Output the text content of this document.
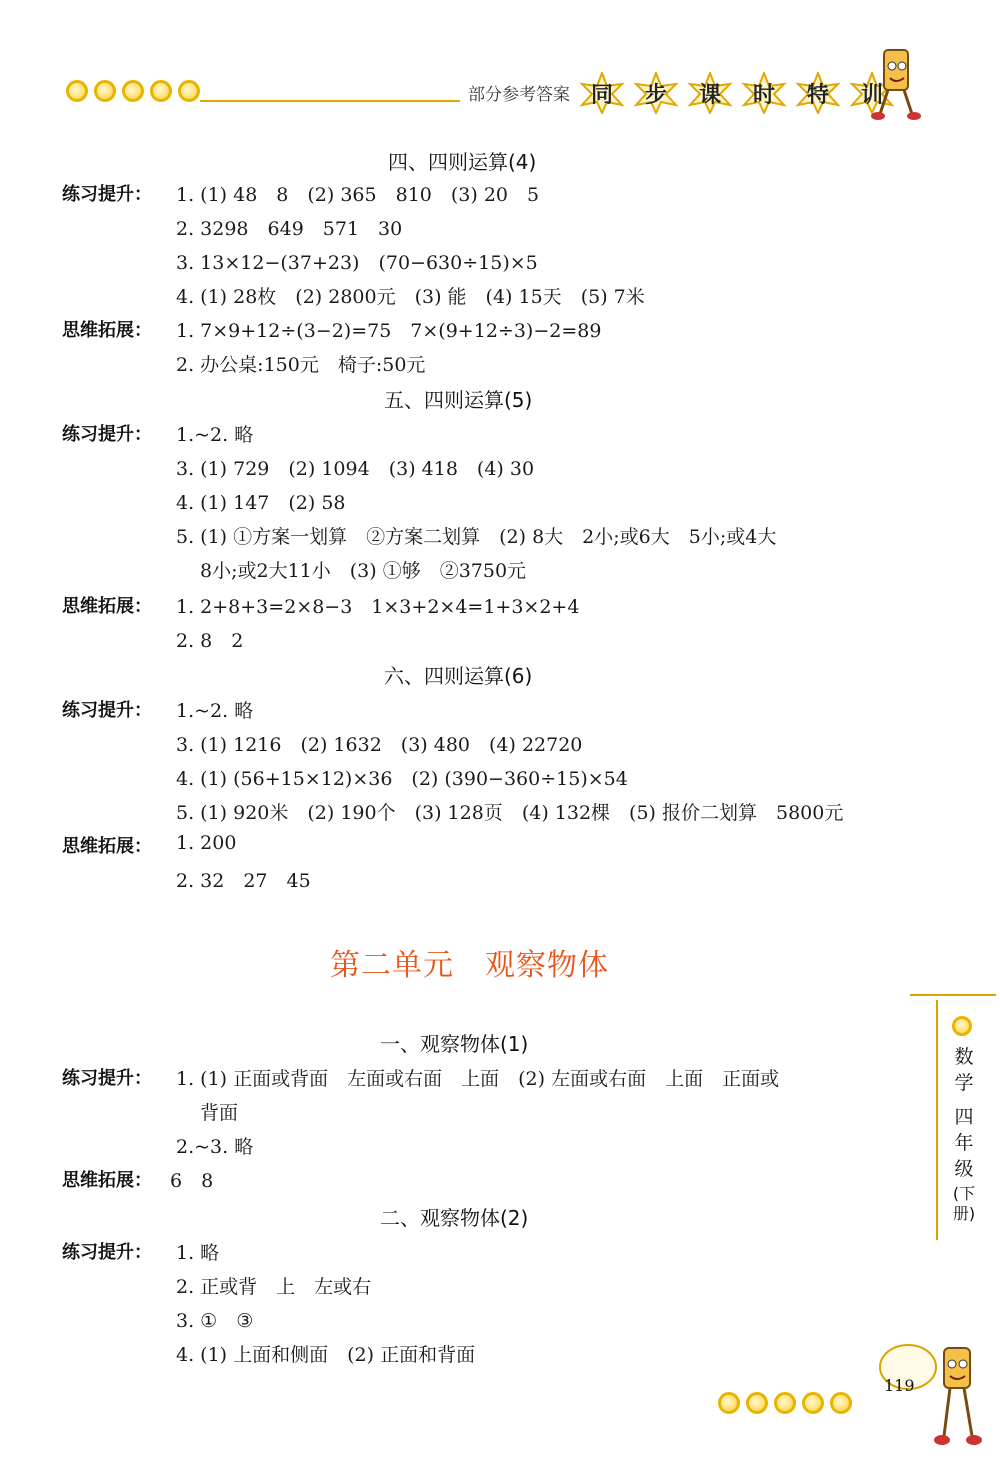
部分参考答案 同	步	课	时	特	训
四、四则运算(4)
练习提升： 1. (1) 48　8　(2) 365　810　(3) 20　5
2. 3298　649　571　30
3. 13×12−(37+23)　(70−630÷15)×5
4. (1) 28枚　(2) 2800元　(3) 能　(4) 15天　(5) 7米
思维拓展： 1. 7×9+12÷(3−2)=75　7×(9+12÷3)−2=89
2. 办公桌:150元　椅子:50元
五、四则运算(5)
练习提升： 1.~2. 略
3. (1) 729　(2) 1094　(3) 418　(4) 30
4. (1) 147　(2) 58
5. (1) ①方案一划算　②方案二划算　(2) 8大　2小;或6大　5小;或4大
8小;或2大11小　(3) ①够　②3750元
思维拓展： 1. 2+8+3=2×8−3　1×3+2×4=1+3×2+4
2. 8　2
六、四则运算(6)
练习提升： 1.~2. 略
3. (1) 1216　(2) 1632　(3) 480　(4) 22720
4. (1) (56+15×12)×36　(2) (390−360÷15)×54
5. (1) 920米　(2) 190个　(3) 128页　(4) 132棵　(5) 报价二划算　5800元
思维拓展： 1. 200
2. 32　27　45
第二单元　观察物体
一、观察物体(1)
练习提升： 1. (1) 正面或背面　左面或右面　上面　(2) 左面或右面　上面　正面或
背面
2.~3. 略
思维拓展： 6　8
二、观察物体(2)
练习提升： 1. 略
2. 正或背　上　左或右
3. ①　③
4. (1) 上面和侧面　(2) 正面和背面
数学
四年级
(下册)
119
